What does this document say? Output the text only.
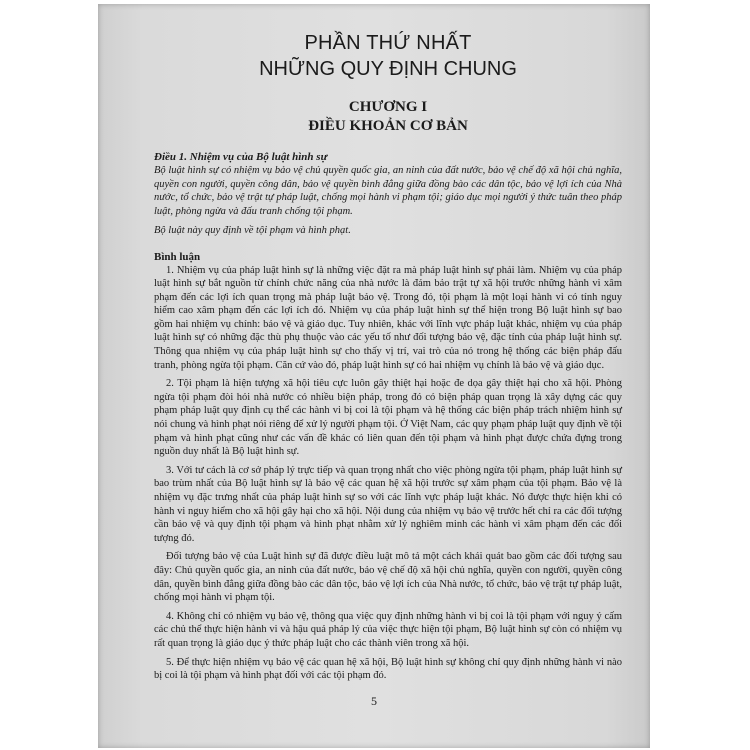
PHẦN THỨ NHẤT
NHỮNG QUY ĐỊNH CHUNG
CHƯƠNG I
ĐIỀU KHOẢN CƠ BẢN
Điều 1. Nhiệm vụ của Bộ luật hình sự

Bộ luật hình sự có nhiệm vụ bảo vệ chủ quyền quốc gia, an ninh của đất nước, bảo vệ chế độ xã hội chủ nghĩa, quyền con người, quyền công dân, bảo vệ quyền bình đẳng giữa đồng bào các dân tộc, bảo vệ lợi ích của Nhà nước, tổ chức, bảo vệ trật tự pháp luật, chống mọi hành vi phạm tội; giáo dục mọi người ý thức tuân theo pháp luật, phòng ngừa và đấu tranh chống tội phạm.

Bộ luật này quy định về tội phạm và hình phạt.

Bình luận

1. Nhiệm vụ của pháp luật hình sự là những việc đặt ra mà pháp luật hình sự phải làm. Nhiệm vụ của pháp luật hình sự bắt nguồn từ chính chức năng của nhà nước là đảm bảo trật tự xã hội trước những hành vi xâm phạm đến các lợi ích quan trọng mà pháp luật bảo vệ. Trong đó, tội phạm là một loại hành vi có tính nguy hiểm cao xâm phạm đến các lợi ích đó. Nhiệm vụ của pháp luật hình sự thể hiện trong Bộ luật hình sự bao gồm hai nhiệm vụ chính: bảo vệ và giáo dục. Tuy nhiên, khác với lĩnh vực pháp luật khác, nhiệm vụ của pháp luật hình sự có những đặc thù phụ thuộc vào các yếu tố như đối tượng bảo vệ, đặc tính của pháp luật hình sự. Thông qua nhiệm vụ của pháp luật hình sự cho thấy vị trí, vai trò của nó trong hệ thống các biện pháp đấu tranh, phòng ngừa tội phạm. Căn cứ vào đó, pháp luật hình sự có hai nhiệm vụ chính là bảo vệ và giáo dục.

2. Tội phạm là hiện tượng xã hội tiêu cực luôn gây thiệt hại hoặc đe dọa gây thiệt hại cho xã hội. Phòng ngừa tội phạm đòi hỏi nhà nước có nhiều biện pháp, trong đó có biện pháp quan trọng là xây dựng các quy phạm pháp luật quy định cụ thể các hành vi bị coi là tội phạm và hệ thống các biện pháp trách nhiệm hình sự nói chung và hình phạt nói riêng để xử lý người phạm tội. Ở Việt Nam, các quy phạm pháp luật quy định về tội phạm và hình phạt cũng như các vấn đề khác có liên quan đến tội phạm và hình phạt được chứa đựng trong nguồn duy nhất là Bộ luật hình sự.

3. Với tư cách là cơ sở pháp lý trực tiếp và quan trọng nhất cho việc phòng ngừa tội phạm, pháp luật hình sự bao trùm nhất của Bộ luật hình sự là bảo vệ các quan hệ xã hội trước sự xâm phạm của tội phạm. Bảo vệ là nhiệm vụ đặc trưng nhất của pháp luật hình sự so với các lĩnh vực pháp luật khác. Nó được thực hiện khi có hành vi nguy hiểm cho xã hội gây hại cho xã hội. Nội dung của nhiệm vụ bảo vệ trước hết chỉ ra các đối tượng cần bảo vệ và quy định tội phạm và hình phạt nhằm xử lý nghiêm minh các hành vi xâm phạm đến các đối tượng đó.

Đối tượng bảo vệ của Luật hình sự đã được điều luật mô tả một cách khái quát bao gồm các đối tượng sau đây: Chủ quyền quốc gia, an ninh của đất nước, bảo vệ chế độ xã hội chủ nghĩa, quyền con người, quyền công dân, quyền bình đẳng giữa đồng bào các dân tộc, bảo vệ lợi ích của Nhà nước, tổ chức, bảo vệ trật tự pháp luật, chống mọi hành vi phạm tội.

4. Không chỉ có nhiệm vụ bảo vệ, thông qua việc quy định những hành vi bị coi là tội phạm với nguy ý cấm các chủ thể thực hiện hành vi và hậu quả pháp lý của việc thực hiện tội phạm, Bộ luật hình sự còn có nhiệm vụ rất quan trọng là giáo dục ý thức pháp luật cho các thành viên trong xã hội.

5. Để thực hiện nhiệm vụ bảo vệ các quan hệ xã hội, Bộ luật hình sự không chỉ quy định những hành vi nào bị coi là tội phạm và hình phạt đối với các tội phạm đó.

5
